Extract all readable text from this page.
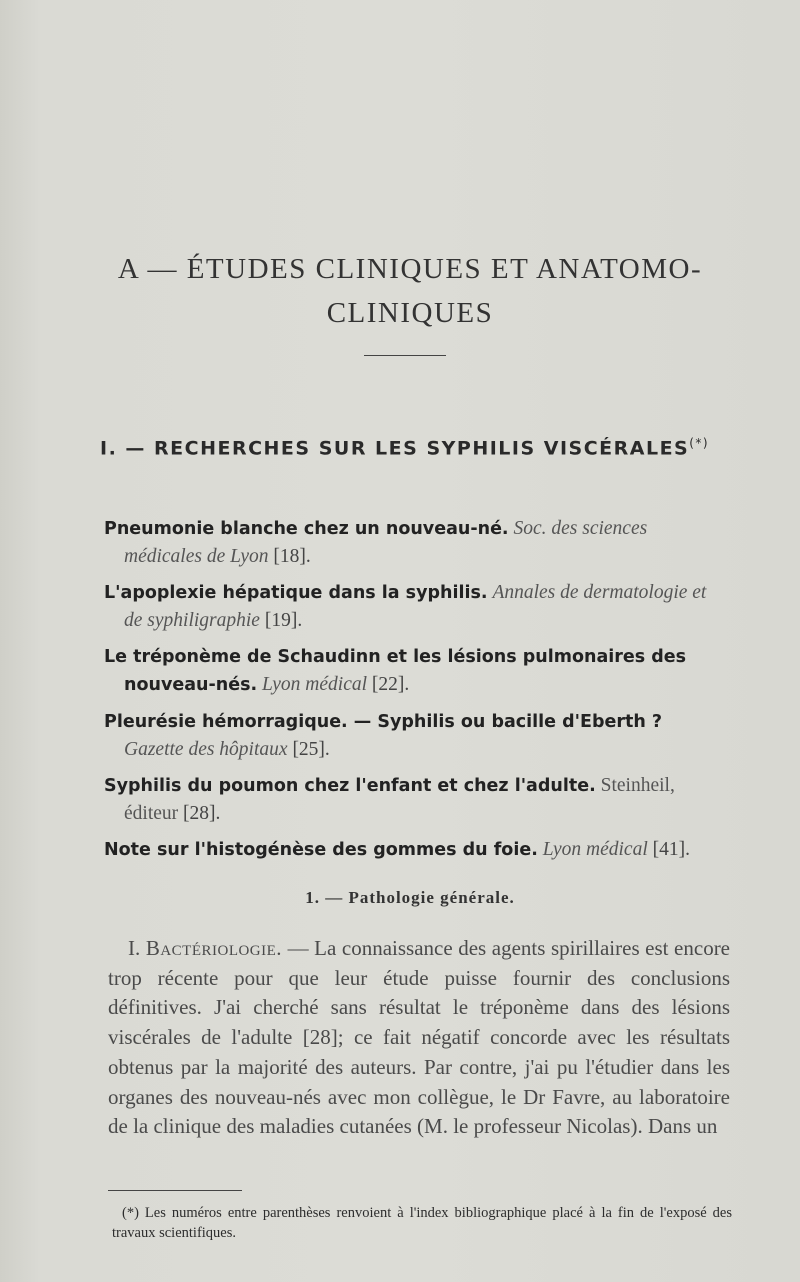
A — ÉTUDES CLINIQUES ET ANATOMO-
CLINIQUES
I. — RECHERCHES SUR LES SYPHILIS VISCÉRALES(*)
Pneumonie blanche chez un nouveau-né. Soc. des sciences médicales de Lyon [18].
L'apoplexie hépatique dans la syphilis. Annales de dermatologie et de syphiligraphie [19].
Le tréponème de Schaudinn et les lésions pulmonaires des nouveau-nés. Lyon médical [22].
Pleurésie hémorragique. — Syphilis ou bacille d'Eberth ? Gazette des hôpitaux [25].
Syphilis du poumon chez l'enfant et chez l'adulte. Steinheil, éditeur [28].
Note sur l'histogénèse des gommes du foie. Lyon médical [41].
1. — Pathologie générale.
I. Bactériologie. — La connaissance des agents spirillaires est encore trop récente pour que leur étude puisse fournir des conclusions définitives. J'ai cherché sans résultat le tréponème dans des lésions viscérales de l'adulte [28]; ce fait négatif concorde avec les résultats obtenus par la majorité des auteurs. Par contre, j'ai pu l'étudier dans les organes des nouveau-nés avec mon collègue, le Dr Favre, au laboratoire de la clinique des maladies cutanées (M. le professeur Nicolas). Dans un
(*) Les numéros entre parenthèses renvoient à l'index bibliographique placé à la fin de l'exposé des travaux scientifiques.
